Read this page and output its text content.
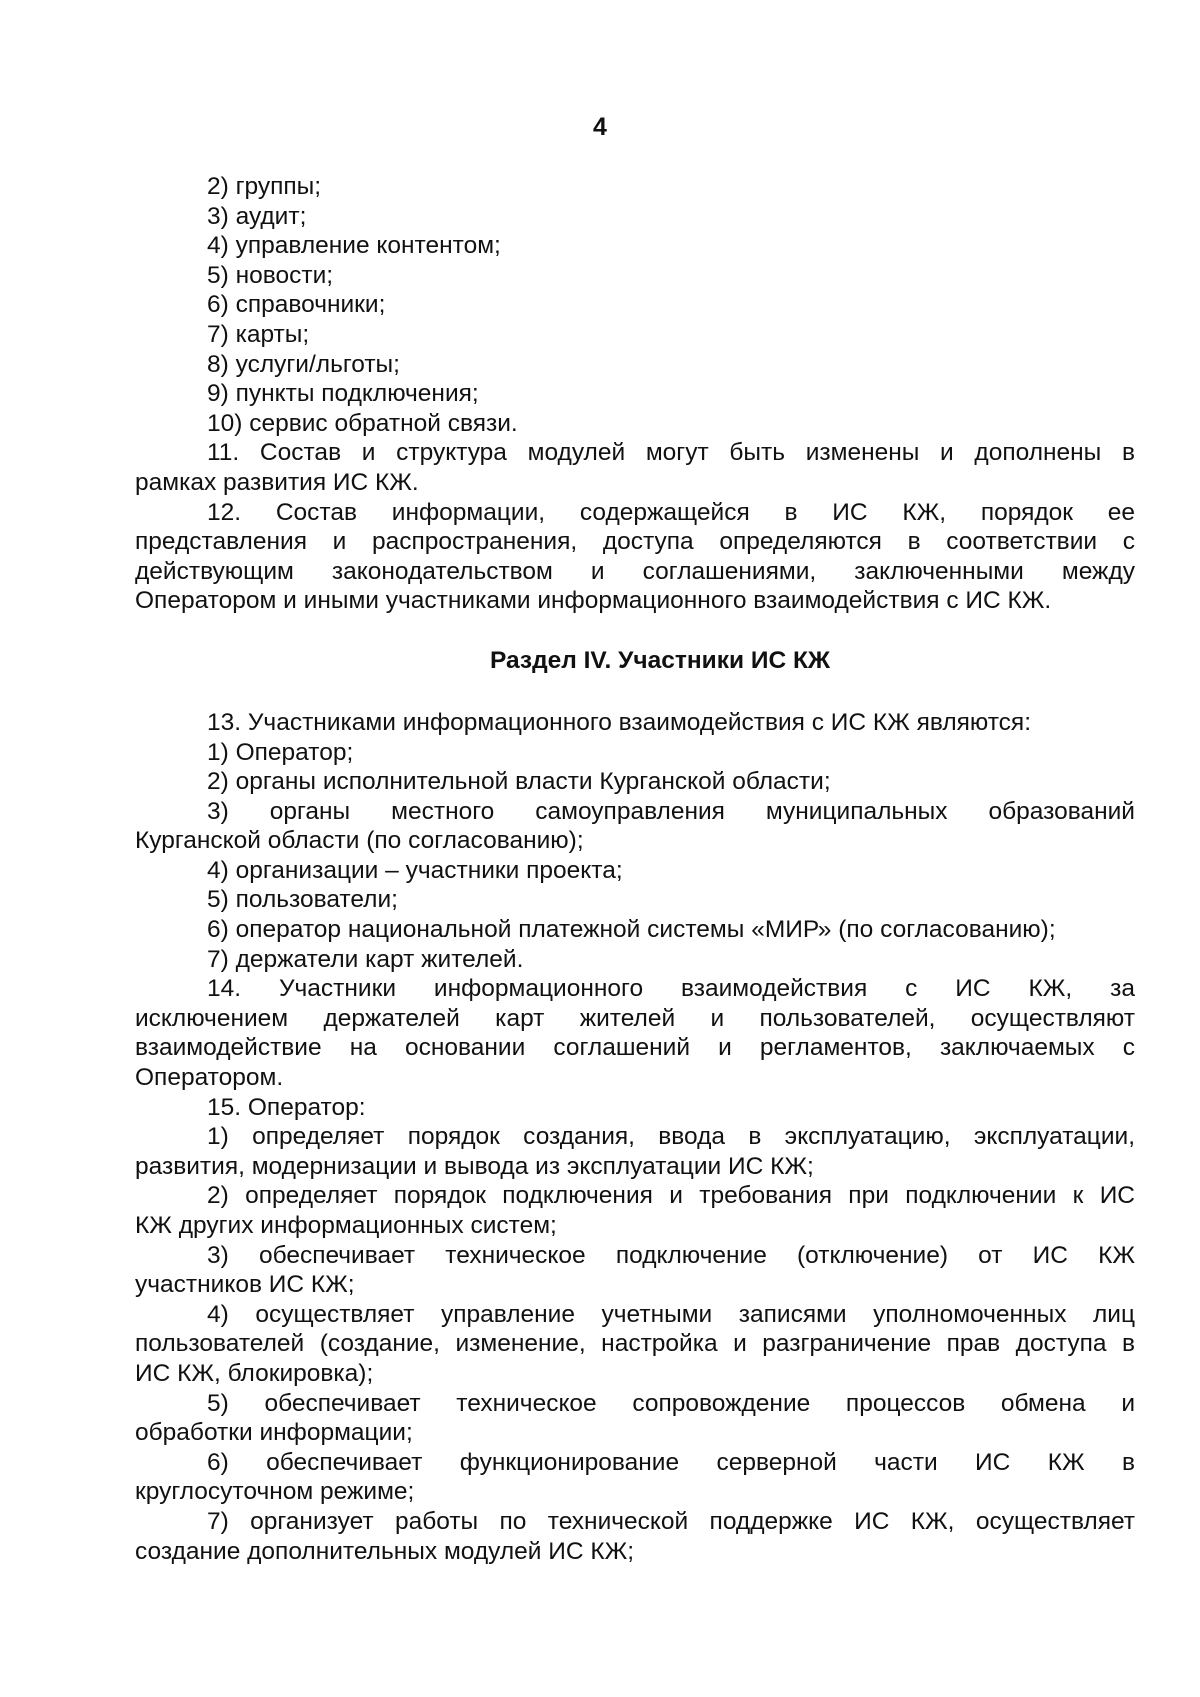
4
2) группы;
3) аудит;
4) управление контентом;
5) новости;
6) справочники;
7) карты;
8) услуги/льготы;
9) пункты подключения;
10) сервис обратной связи.
11. Состав и структура модулей могут быть изменены и дополнены в
рамках развития ИС КЖ.
12. Состав информации, содержащейся в ИС КЖ, порядок ее
представления и распространения, доступа определяются в соответствии с
действующим законодательством и соглашениями, заключенными между
Оператором и иными участниками информационного взаимодействия с ИС КЖ.
Раздел IV. Участники ИС КЖ
13. Участниками информационного взаимодействия с ИС КЖ являются:
1) Оператор;
2) органы исполнительной власти Курганской области;
3) органы местного самоуправления муниципальных образований
Курганской области (по согласованию);
4) организации – участники проекта;
5) пользователи;
6) оператор национальной платежной системы «МИР» (по согласованию);
7) держатели карт жителей.
14. Участники информационного взаимодействия с ИС КЖ, за
исключением держателей карт жителей и пользователей, осуществляют
взаимодействие на основании соглашений и регламентов, заключаемых с
Оператором.
15. Оператор:
1) определяет порядок создания, ввода в эксплуатацию, эксплуатации,
развития, модернизации и вывода из эксплуатации ИС КЖ;
2) определяет порядок подключения и требования при подключении к ИС
КЖ других информационных систем;
3) обеспечивает техническое подключение (отключение) от ИС КЖ
участников ИС КЖ;
4) осуществляет управление учетными записями уполномоченных лиц
пользователей (создание, изменение, настройка и разграничение прав доступа в
ИС КЖ, блокировка);
5) обеспечивает техническое сопровождение процессов обмена и
обработки информации;
6) обеспечивает функционирование серверной части ИС КЖ в
круглосуточном режиме;
7) организует работы по технической поддержке ИС КЖ, осуществляет
создание дополнительных модулей ИС КЖ;
